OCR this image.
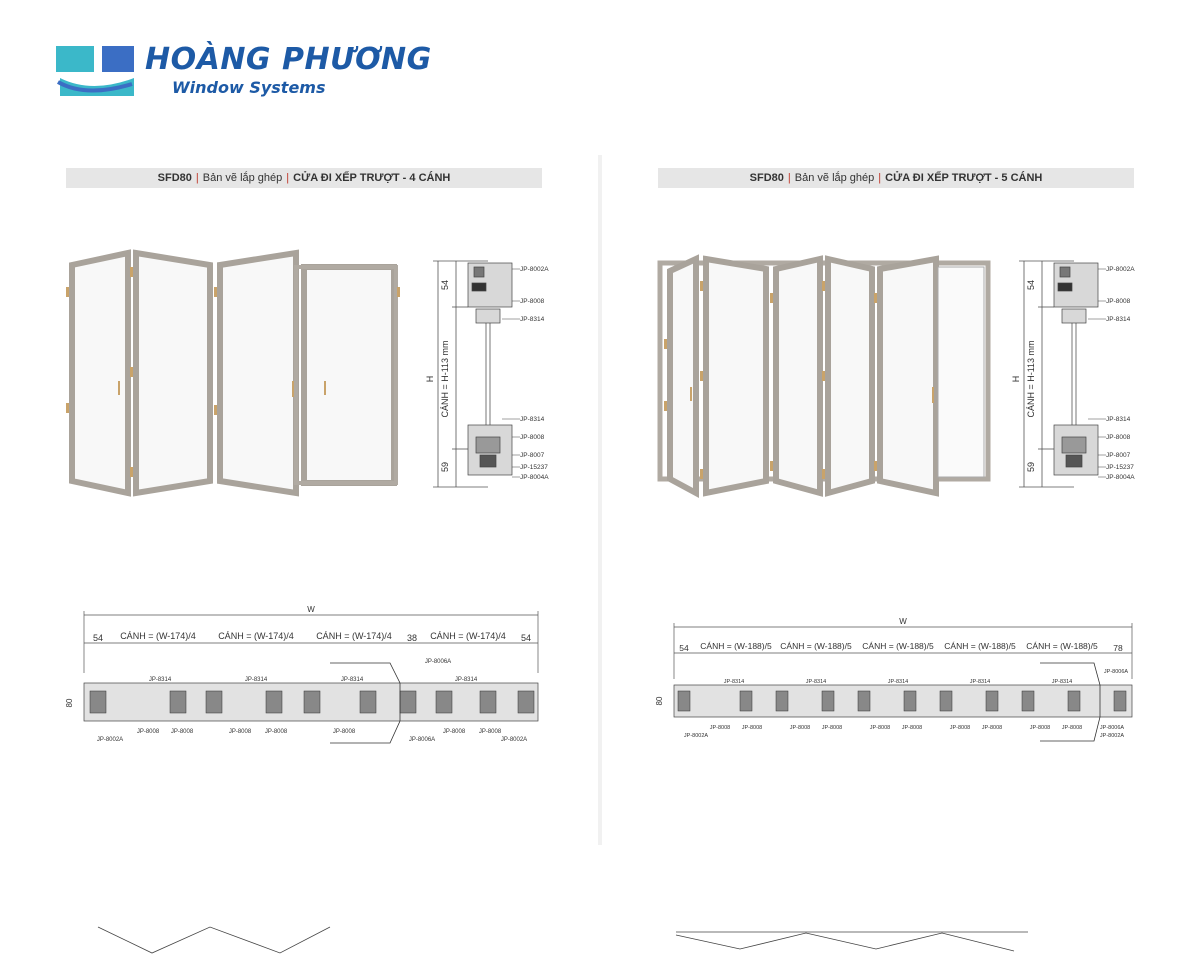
HOÀNG PHƯƠNG
Window Systems
SFD80 | Bản vẽ lắp ghép | CỬA ĐI XẾP TRƯỢT - 4 CÁNH
54
59
H CÁNH = H-113 mm
JP-8002A
JP-8008
JP-8314
JP-8314
JP-8008
JP-8007
JP-15237
JP-8004A
W
54 CÁNH = (W-174)/4 CÁNH = (W-174)/4 CÁNH = (W-174)/4 38 CÁNH = (W-174)/4 54
80
JP-8314	JP-8314	JP-8314
JP-8006A
JP-8314
JP-8002A
JP-8008 JP-8008	JP-8008 JP-8008	JP-8008
JP-8006A
JP-8008 JP-8008
JP-8002A
SFD80 | Bản vẽ lắp ghép | CỬA ĐI XẾP TRƯỢT - 5 CÁNH
54
59
H CÁNH = H-113 mm
JP-8002A
JP-8008
JP-8314
JP-8314
JP-8008
JP-8007
JP-15237
JP-8004A
W
54 CÁNH = (W-188)/5 CÁNH = (W-188)/5 CÁNH = (W-188)/5 CÁNH = (W-188)/5 CÁNH = (W-188)/5 78
80
JP-8314	JP-8314	JP-8314	JP-8314	JP-8314
JP-8006A
JP-8002A
JP-8008 JP-8008	JP-8008 JP-8008	JP-8008 JP-8008	JP-8008 JP-8008	JP-8008 JP-8008	JP-8006A
JP-8002A
